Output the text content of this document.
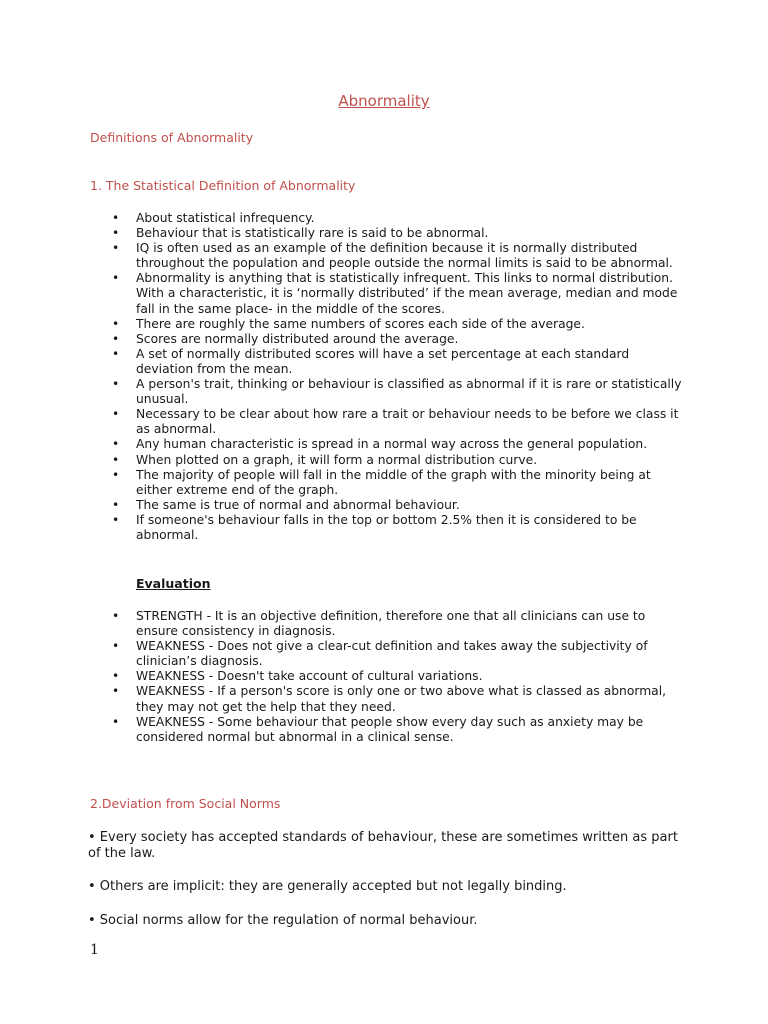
Abnormality
Definitions of Abnormality
1. The Statistical Definition of Abnormality
• About statistical infrequency.
• Behaviour that is statistically rare is said to be abnormal.
• IQ is often used as an example of the definition because it is normally distributed throughout the population and people outside the normal limits is said to be abnormal.
• Abnormality is anything that is statistically infrequent. This links to normal distribution. With a characteristic, it is ‘normally distributed’ if the mean average, median and mode fall in the same place- in the middle of the scores.
• There are roughly the same numbers of scores each side of the average.
• Scores are normally distributed around the average.
• A set of normally distributed scores will have a set percentage at each standard deviation from the mean.
• A person's trait, thinking or behaviour is classified as abnormal if it is rare or statistically unusual.
• Necessary to be clear about how rare a trait or behaviour needs to be before we class it as abnormal.
• Any human characteristic is spread in a normal way across the general population.
• When plotted on a graph, it will form a normal distribution curve.
• The majority of people will fall in the middle of the graph with the minority being at either extreme end of the graph.
• The same is true of normal and abnormal behaviour.
• If someone's behaviour falls in the top or bottom 2.5% then it is considered to be abnormal.
Evaluation
• STRENGTH - It is an objective definition, therefore one that all clinicians can use to ensure consistency in diagnosis.
• WEAKNESS - Does not give a clear-cut definition and takes away the subjectivity of clinician’s diagnosis.
• WEAKNESS - Doesn't take account of cultural variations.
• WEAKNESS - If a person's score is only one or two above what is classed as abnormal, they may not get the help that they need.
• WEAKNESS - Some behaviour that people show every day such as anxiety may be considered normal but abnormal in a clinical sense.
2.Deviation from Social Norms
• Every society has accepted standards of behaviour, these are sometimes written as part of the law.
• Others are implicit: they are generally accepted but not legally binding.
• Social norms allow for the regulation of normal behaviour.
1
